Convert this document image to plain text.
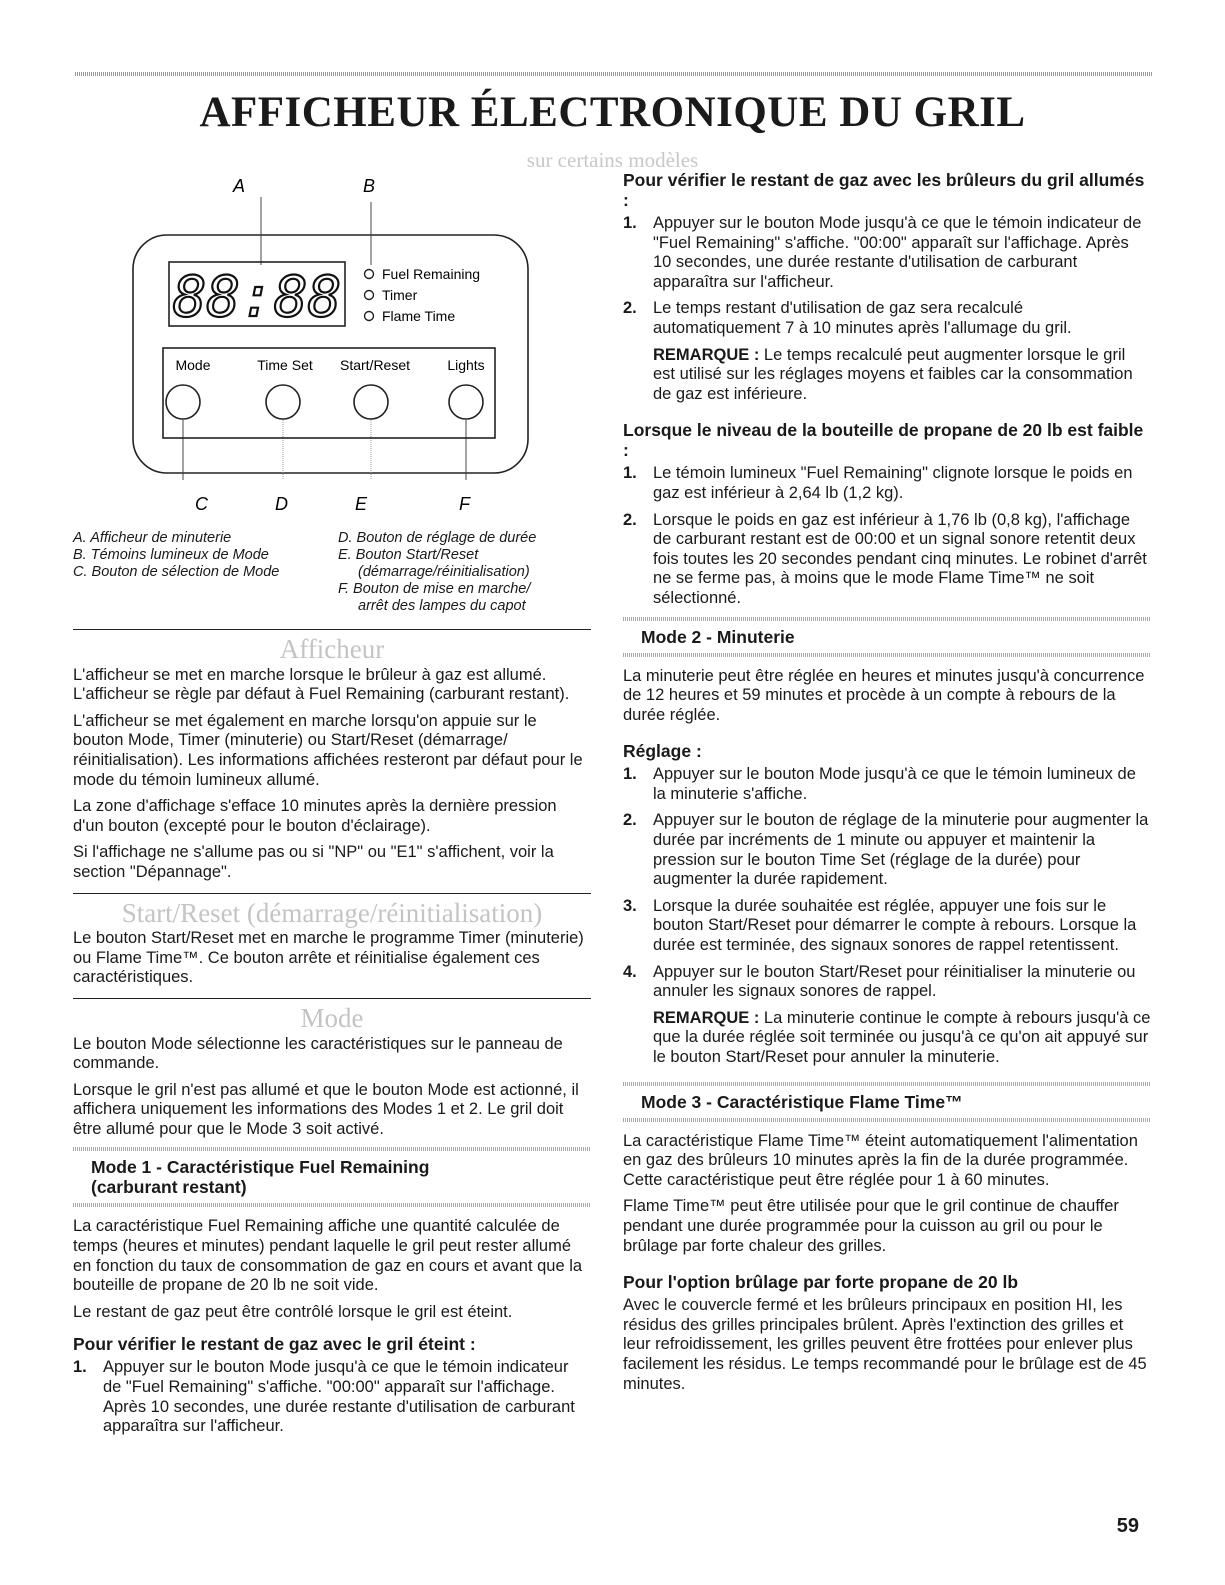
AFFICHEUR ÉLECTRONIQUE DU GRIL
sur certains modèles
A	B
C	D	E	F
88:88	Fuel Remaining
Timer
Flame Time
Mode	Time Set Start/Reset	Lights
A. Afficheur de minuterie
B. Témoins lumineux de Mode
C. Bouton de sélection de Mode
D. Bouton de réglage de durée
E. Bouton Start/Reset
(démarrage/réinitialisation)
F. Bouton de mise en marche/
arrêt des lampes du capot
Afficheur

L'afficheur se met en marche lorsque le brûleur à gaz est allumé. L'afficheur se règle par défaut à Fuel Remaining (carburant restant).

L'afficheur se met également en marche lorsqu'on appuie sur le bouton Mode, Timer (minuterie) ou Start/Reset (démarrage/ réinitialisation). Les informations affichées resteront par défaut pour le mode du témoin lumineux allumé.

La zone d'affichage s'efface 10 minutes après la dernière pression d'un bouton (excepté pour le bouton d'éclairage).

Si l'affichage ne s'allume pas ou si "NP" ou "E1" s'affichent, voir la section "Dépannage".

Start/Reset (démarrage/réinitialisation)

Le bouton Start/Reset met en marche le programme Timer (minuterie) ou Flame Time™. Ce bouton arrête et réinitialise également ces caractéristiques.

Mode

Le bouton Mode sélectionne les caractéristiques sur le panneau de commande.

Lorsque le gril n'est pas allumé et que le bouton Mode est actionné, il affichera uniquement les informations des Modes 1 et 2. Le gril doit être allumé pour que le Mode 3 soit activé.

Mode 1 - Caractéristique Fuel Remaining
(carburant restant)

La caractéristique Fuel Remaining affiche une quantité calculée de temps (heures et minutes) pendant laquelle le gril peut rester allumé en fonction du taux de consommation de gaz en cours et avant que la bouteille de propane de 20 lb ne soit vide.

Le restant de gaz peut être contrôlé lorsque le gril est éteint.

Pour vérifier le restant de gaz avec le gril éteint :
1. Appuyer sur le bouton Mode jusqu'à ce que le témoin indicateur de "Fuel Remaining" s'affiche. "00:00" apparaît sur l'affichage. Après 10 secondes, une durée restante d'utilisation de carburant apparaîtra sur l'afficheur.
Pour vérifier le restant de gaz avec les brûleurs du gril allumés :
1. Appuyer sur le bouton Mode jusqu'à ce que le témoin indicateur de "Fuel Remaining" s'affiche. "00:00" apparaît sur l'affichage. Après 10 secondes, une durée restante d'utilisation de carburant apparaîtra sur l'afficheur.
2. Le temps restant d'utilisation de gaz sera recalculé automatiquement 7 à 10 minutes après l'allumage du gril.
REMARQUE : Le temps recalculé peut augmenter lorsque le gril est utilisé sur les réglages moyens et faibles car la consommation de gaz est inférieure.
Lorsque le niveau de la bouteille de propane de 20 lb est faible :
1. Le témoin lumineux "Fuel Remaining" clignote lorsque le poids en gaz est inférieur à 2,64 lb (1,2 kg).
2. Lorsque le poids en gaz est inférieur à 1,76 lb (0,8 kg), l'affichage de carburant restant est de 00:00 et un signal sonore retentit deux fois toutes les 20 secondes pendant cinq minutes. Le robinet d'arrêt ne se ferme pas, à moins que le mode Flame Time™ ne soit sélectionné.
Mode 2 - Minuterie

La minuterie peut être réglée en heures et minutes jusqu'à concurrence de 12 heures et 59 minutes et procède à un compte à rebours de la durée réglée.

Réglage :
1. Appuyer sur le bouton Mode jusqu'à ce que le témoin lumineux de la minuterie s'affiche.
2. Appuyer sur le bouton de réglage de la minuterie pour augmenter la durée par incréments de 1 minute ou appuyer et maintenir la pression sur le bouton Time Set (réglage de la durée) pour augmenter la durée rapidement.
3. Lorsque la durée souhaitée est réglée, appuyer une fois sur le bouton Start/Reset pour démarrer le compte à rebours. Lorsque la durée est terminée, des signaux sonores de rappel retentissent.
4. Appuyer sur le bouton Start/Reset pour réinitialiser la minuterie ou annuler les signaux sonores de rappel.
REMARQUE : La minuterie continue le compte à rebours jusqu'à ce que la durée réglée soit terminée ou jusqu'à ce qu'on ait appuyé sur le bouton Start/Reset pour annuler la minuterie.
Mode 3 - Caractéristique Flame Time™

La caractéristique Flame Time™ éteint automatiquement l'alimentation en gaz des brûleurs 10 minutes après la fin de la durée programmée. Cette caractéristique peut être réglée pour 1 à 60 minutes.

Flame Time™ peut être utilisée pour que le gril continue de chauffer pendant une durée programmée pour la cuisson au gril ou pour le brûlage par forte chaleur des grilles.

Pour l'option brûlage par forte propane de 20 lb

Avec le couvercle fermé et les brûleurs principaux en position HI, les résidus des grilles principales brûlent. Après l'extinction des grilles et leur refroidissement, les grilles peuvent être frottées pour enlever plus facilement les résidus. Le temps recommandé pour le brûlage est de 45 minutes.

59
